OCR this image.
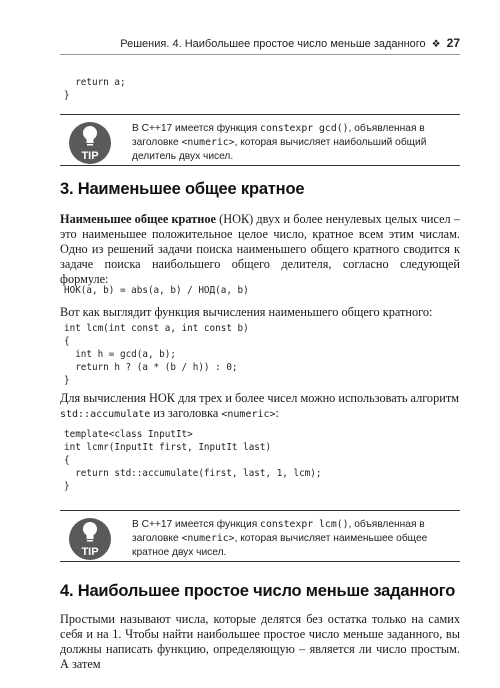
Решения. 4. Наибольшее простое число меньше заданного ❖ 27
return a;
}
TIP
В C++17 имеется функция constexpr gcd(), объявленная в
заголовке <numeric>, которая вычисляет наибольший общий
делитель двух чисел.
3. Наименьшее общее кратное

Наименьшее общее кратное (НОК) двух и более ненулевых целых чисел – это наименьшее положительное целое число, кратное всем этим числам. Одно из решений задачи поиска наименьшего общего кратного сводится к задаче поиска наибольшего общего делителя, согласно следующей формуле:

НОК(a, b) = abs(a, b) / НОД(a, b)
Вот как выглядит функция вычисления наименьшего общего кратного:
int lcm(int const a, int const b)
{
int h = gcd(a, b);
return h ? (a * (b / h)) : 0;
}

Для вычисления НОК для трех и более чисел можно использовать алгоритм
std::accumulate из заголовка <numeric>:

template<class InputIt>
int lcmr(InputIt first, InputIt last)
{
return std::accumulate(first, last, 1, lcm);
}
TIP
В C++17 имеется функция constexpr lcm(), объявленная в
заголовке <numeric>, которая вычисляет наименьшее общее
кратное двух чисел.
4. Наибольшее простое число меньше заданного
Простыми называют числа, которые делятся без остатка только на самих себя и на 1. Чтобы найти наибольшее простое число меньше заданного, вы должны написать функцию, определяющую – является ли число простым. А затем
